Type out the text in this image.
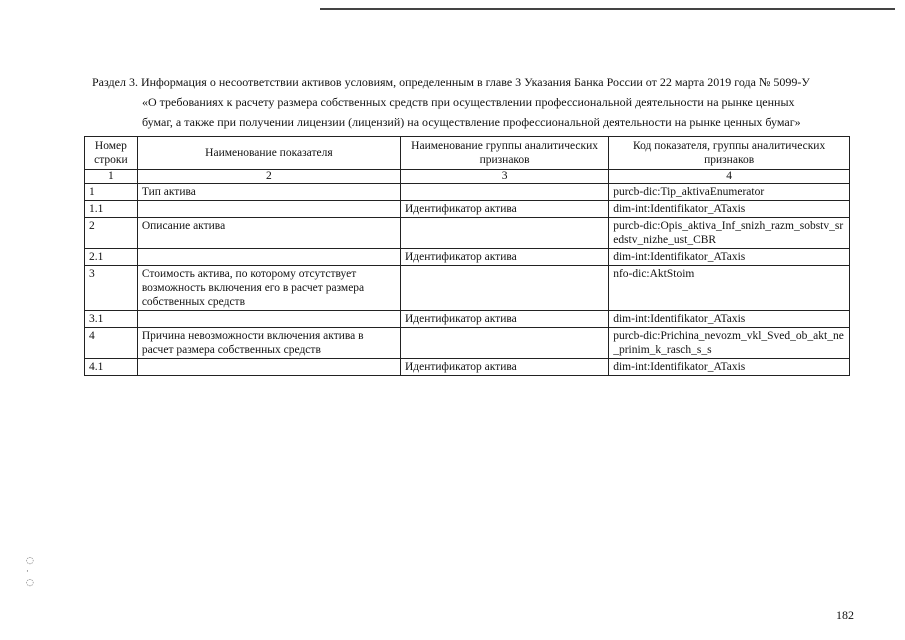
Раздел 3. Информация о несоответствии активов условиям, определенным в главе 3 Указания Банка России от 22 марта 2019 года № 5099-У
«О требованиях к расчету размера собственных средств при осуществлении профессиональной деятельности на рынке ценных
бумаг, а также при получении лицензии (лицензий) на осуществление профессиональной деятельности на рынке ценных бумаг»
Номер строки	Наименование показателя	Наименование группы аналитических признаков	Код показателя, группы аналитических признаков
1	2	3	4
1	Тип актива		purcb-dic:Tip_aktivaEnumerator
1.1		Идентификатор актива	dim-int:Identifikator_ATaxis
2	Описание актива		purcb-dic:Opis_aktiva_Inf_snizh_razm_sobstv_sredstv_nizhe_ust_CBR
2.1		Идентификатор актива	dim-int:Identifikator_ATaxis
3	Стоимость актива, по которому отсутствует возможность включения его в расчет размера собственных средств		nfo-dic:AktStoim
3.1		Идентификатор актива	dim-int:Identifikator_ATaxis
4	Причина невозможности включения актива в расчет размера собственных средств		purcb-dic:Prichina_nevozm_vkl_Sved_ob_akt_ne_prinim_k_rasch_s_s
4.1		Идентификатор актива	dim-int:Identifikator_ATaxis
◌
·
◌
182
